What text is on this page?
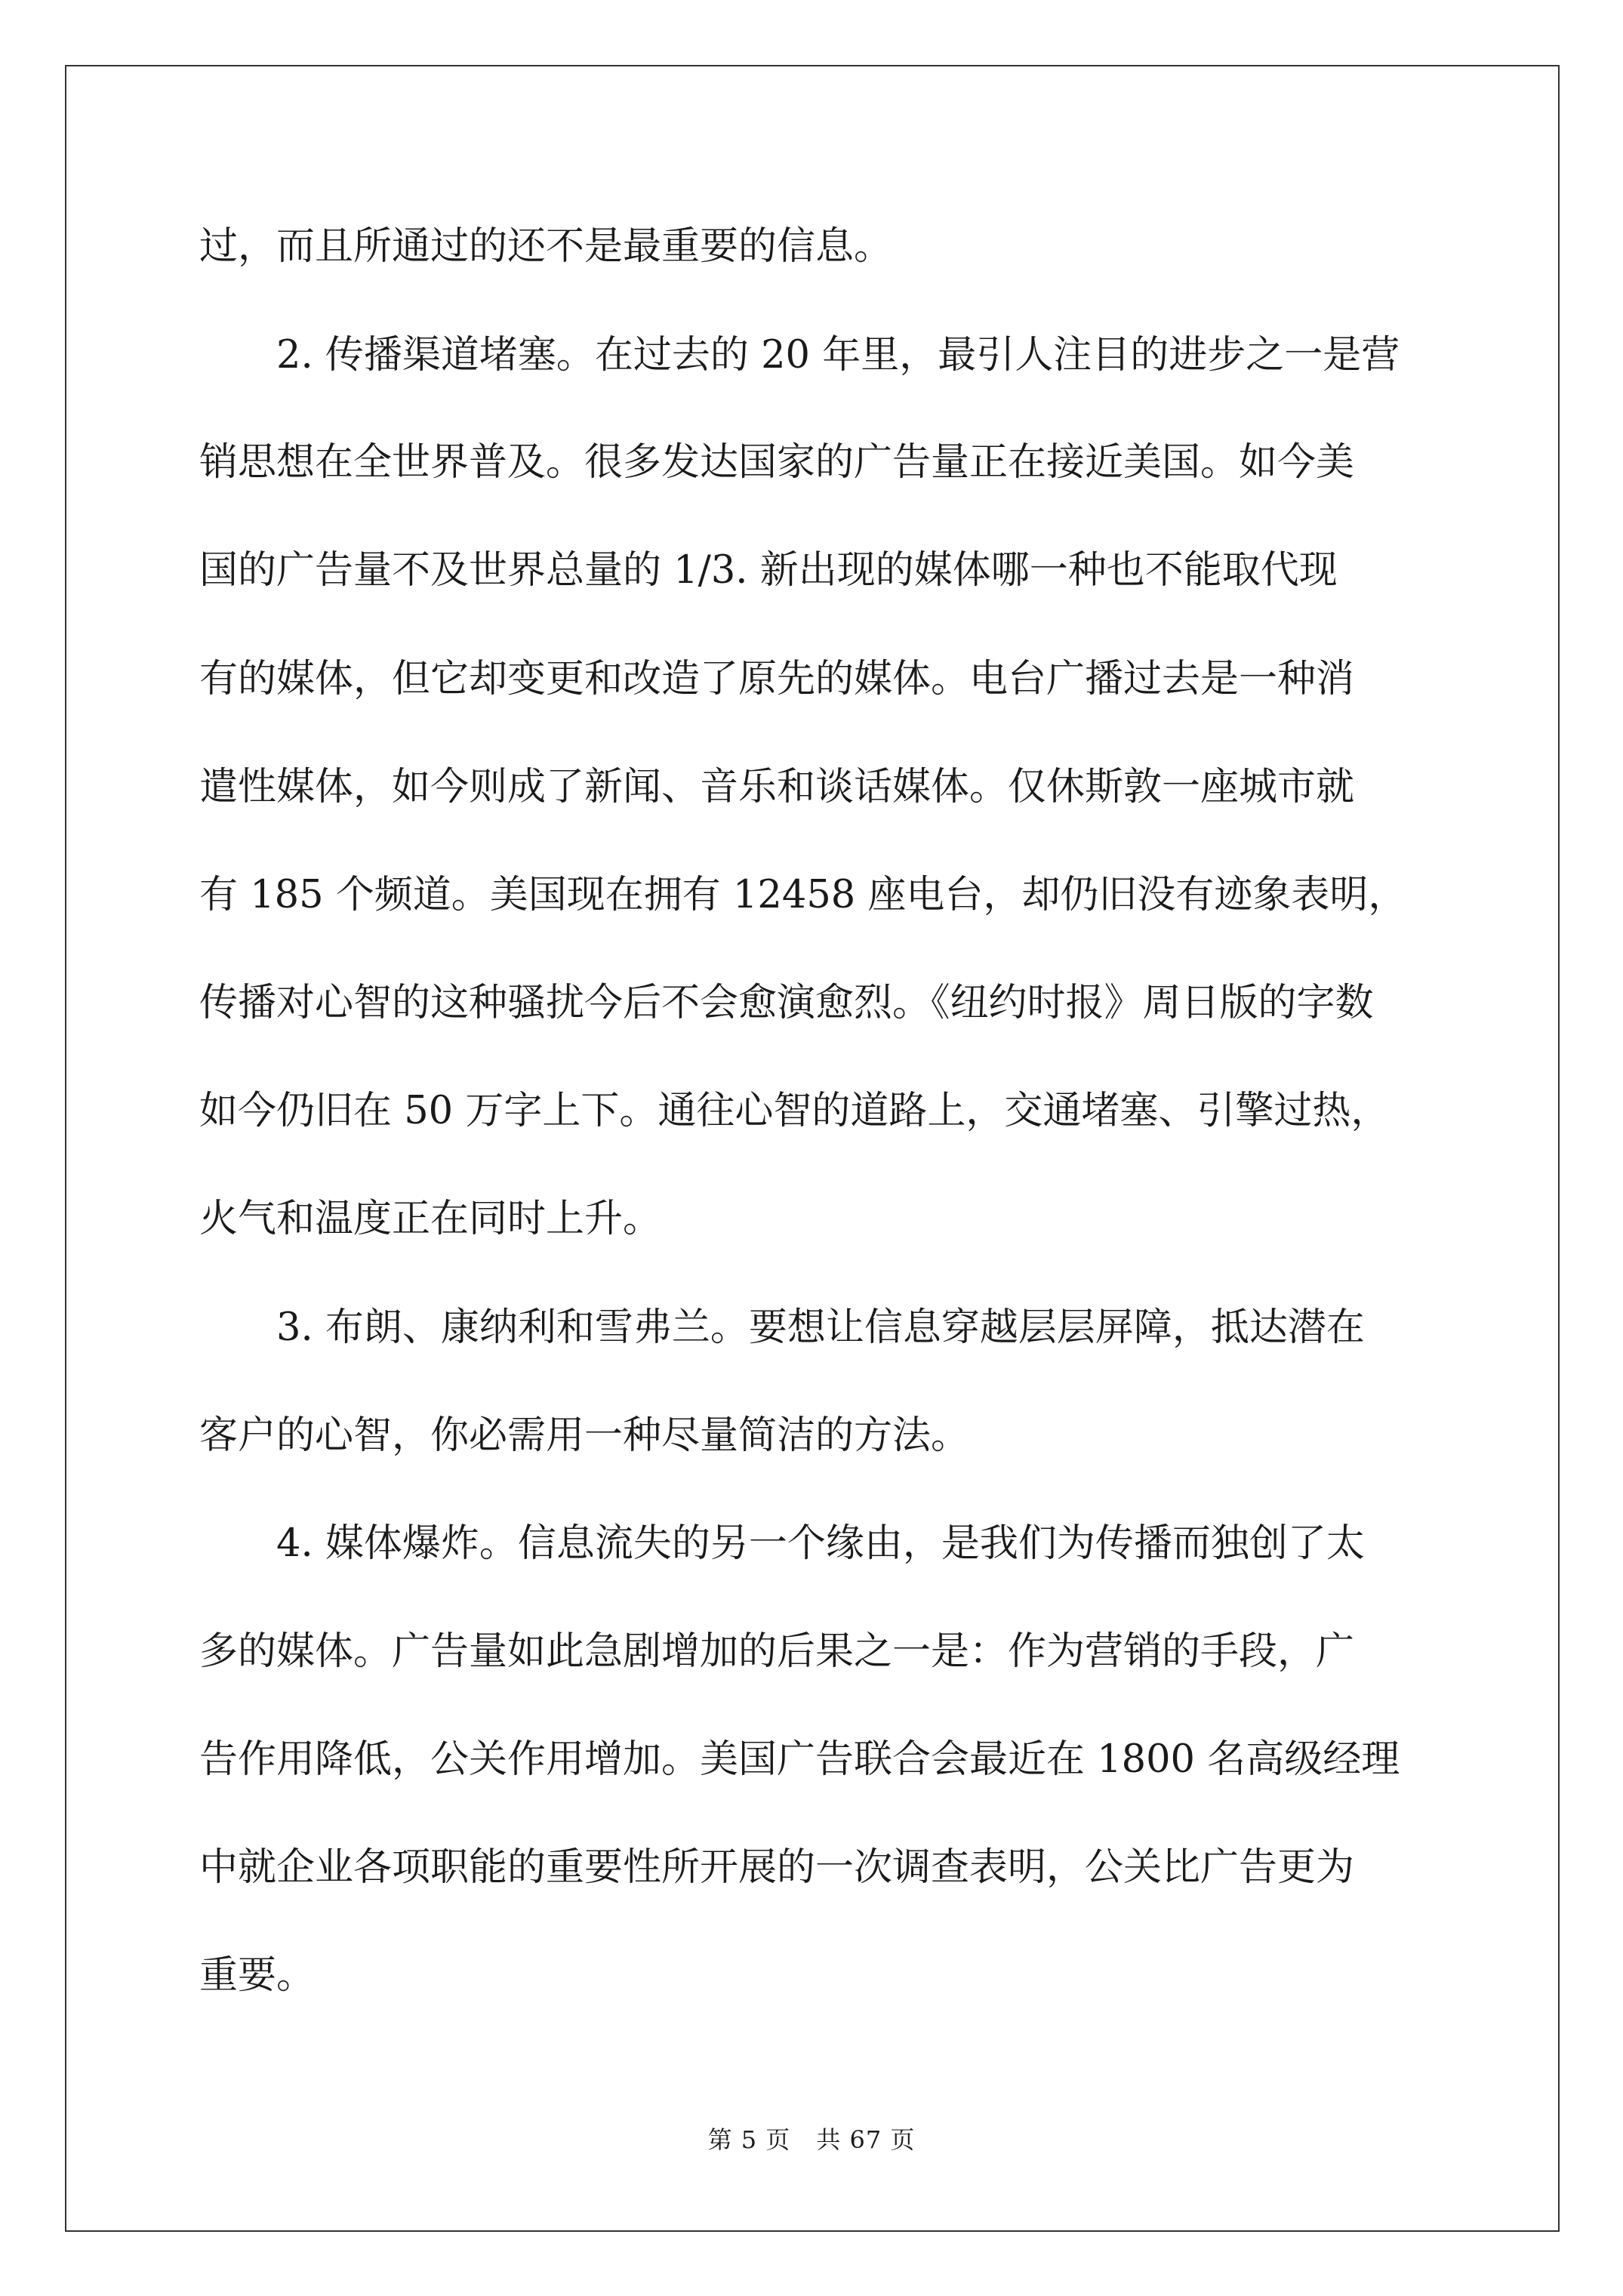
过，而且所通过的还不是最重要的信息。
2. 传播渠道堵塞。在过去的 20 年里，最引人注目的进步之一是营
销思想在全世界普及。很多发达国家的广告量正在接近美国。如今美
国的广告量不及世界总量的 1/3. 新出现的媒体哪一种也不能取代现
有的媒体，但它却变更和改造了原先的媒体。电台广播过去是一种消
遣性媒体，如今则成了新闻、音乐和谈话媒体。仅休斯敦一座城市就
有 185 个频道。美国现在拥有 12458 座电台，却仍旧没有迹象表明，
传播对心智的这种骚扰今后不会愈演愈烈。《纽约时报》周日版的字数
如今仍旧在 50 万字上下。通往心智的道路上，交通堵塞、引擎过热，
火气和温度正在同时上升。
3. 布朗、康纳利和雪弗兰。要想让信息穿越层层屏障，抵达潜在
客户的心智，你必需用一种尽量简洁的方法。
4. 媒体爆炸。信息流失的另一个缘由，是我们为传播而独创了太
多的媒体。广告量如此急剧增加的后果之一是：作为营销的手段，广
告作用降低，公关作用增加。美国广告联合会最近在 1800 名高级经理
中就企业各项职能的重要性所开展的一次调查表明，公关比广告更为
重要。
第 5 页 共 67 页
